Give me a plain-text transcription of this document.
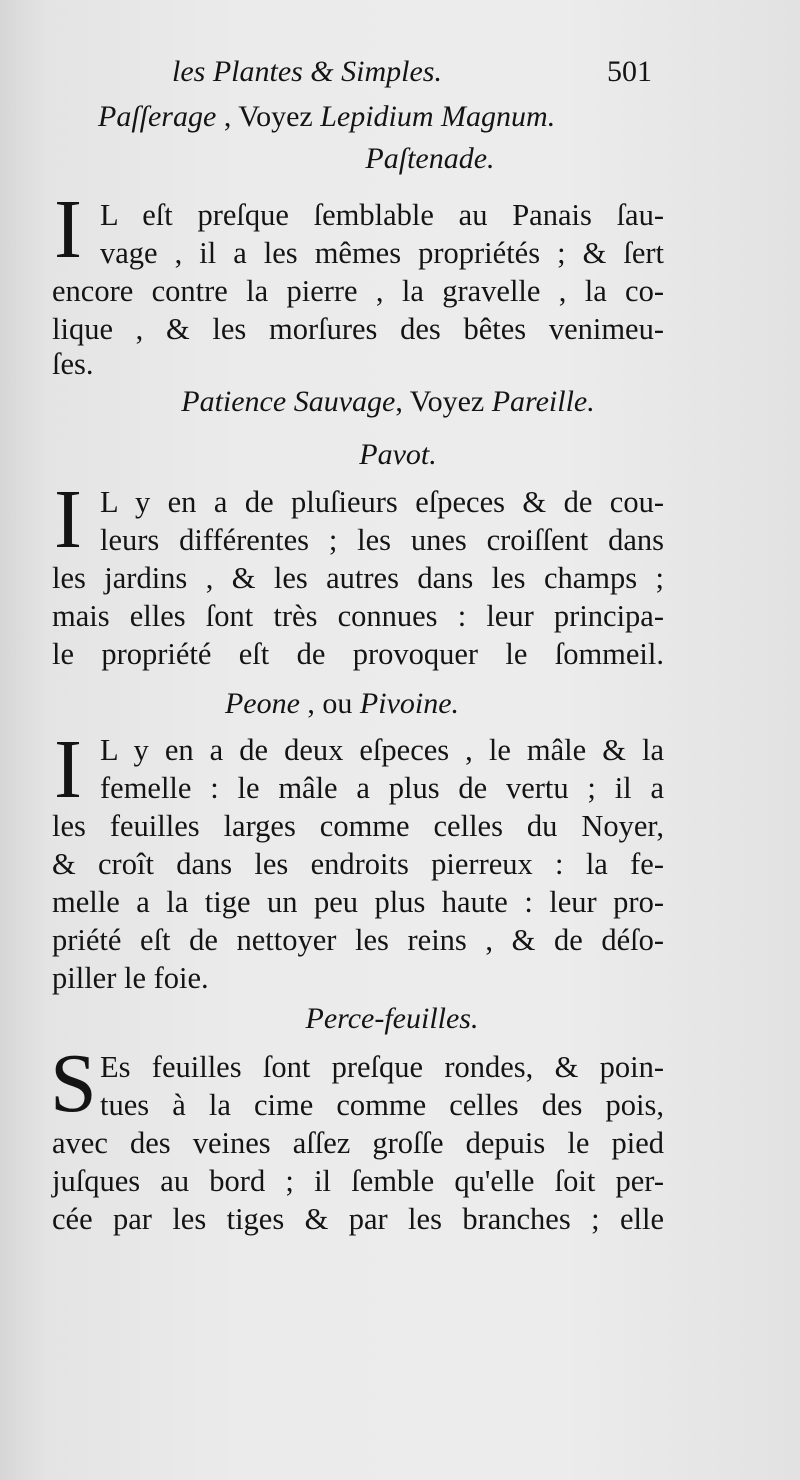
les Plantes & Simples.	501
Paſſerage , Voyez Lepidium Magnum.
Paſtenade.
I L eſt preſque ſemblable au Panais ſau-
vage , il a les mêmes propriétés ; & ſert
encore contre la pierre , la gravelle , la co-
lique , & les morſures des bêtes venimeu-
ſes.
Patience Sauvage, Voyez Pareille.
Pavot.
I L y en a de pluſieurs eſpeces & de cou-
leurs différentes ; les unes croiſſent dans
les jardins , & les autres dans les champs ;
mais elles ſont très connues : leur principa-
le propriété eſt de provoquer le ſommeil.
Peone , ou Pivoine.
I L y en a de deux eſpeces , le mâle & la
femelle : le mâle a plus de vertu ; il a
les feuilles larges comme celles du Noyer,
& croît dans les endroits pierreux : la fe-
melle a la tige un peu plus haute : leur pro-
priété eſt de nettoyer les reins , & de déſo-
piller le foie.
Perce-feuilles.
S Es feuilles ſont preſque rondes, & poin-
tues à la cime comme celles des pois,
avec des veines aſſez groſſe depuis le pied
juſques au bord ; il ſemble qu'elle ſoit per-
cée par les tiges & par les branches ; elle
